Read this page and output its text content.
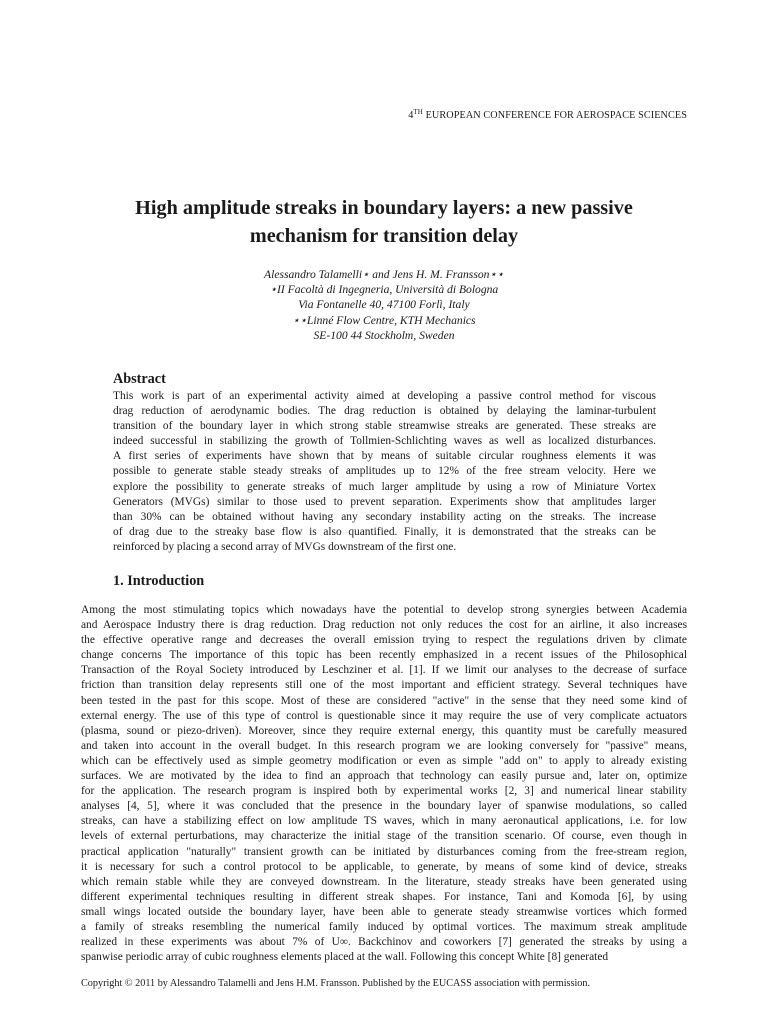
4TH EUROPEAN CONFERENCE FOR AEROSPACE SCIENCES
High amplitude streaks in boundary layers: a new passive
mechanism for transition delay
Alessandro Talamelli⋆ and Jens H. M. Fransson⋆⋆
⋆II Facoltà di Ingegneria, Università di Bologna
Via Fontanelle 40, 47100 Forlì, Italy
⋆⋆Linné Flow Centre, KTH Mechanics
SE-100 44 Stockholm, Sweden
Abstract

This work is part of an experimental activity aimed at developing a passive control method for viscous
drag reduction of aerodynamic bodies. The drag reduction is obtained by delaying the laminar-turbulent
transition of the boundary layer in which strong stable streamwise streaks are generated. These streaks are
indeed successful in stabilizing the growth of Tollmien-Schlichting waves as well as localized disturbances.
A first series of experiments have shown that by means of suitable circular roughness elements it was
possible to generate stable steady streaks of amplitudes up to 12% of the free stream velocity. Here we
explore the possibility to generate streaks of much larger amplitude by using a row of Miniature Vortex
Generators (MVGs) similar to those used to prevent separation. Experiments show that amplitudes larger
than 30% can be obtained without having any secondary instability acting on the streaks. The increase
of drag due to the streaky base flow is also quantified. Finally, it is demonstrated that the streaks can be
reinforced by placing a second array of MVGs downstream of the first one.

1. Introduction

Among the most stimulating topics which nowadays have the potential to develop strong synergies between Academia
and Aerospace Industry there is drag reduction. Drag reduction not only reduces the cost for an airline, it also increases
the effective operative range and decreases the overall emission trying to respect the regulations driven by climate
change concerns The importance of this topic has been recently emphasized in a recent issues of the Philosophical
Transaction of the Royal Society introduced by Leschziner et al. [1]. If we limit our analyses to the decrease of surface
friction than transition delay represents still one of the most important and efficient strategy. Several techniques have
been tested in the past for this scope. Most of these are considered "active" in the sense that they need some kind of
external energy. The use of this type of control is questionable since it may require the use of very complicate actuators
(plasma, sound or piezo-driven). Moreover, since they require external energy, this quantity must be carefully measured
and taken into account in the overall budget. In this research program we are looking conversely for "passive" means,
which can be effectively used as simple geometry modification or even as simple "add on" to apply to already existing
surfaces. We are motivated by the idea to find an approach that technology can easily pursue and, later on, optimize
for the application. The research program is inspired both by experimental works [2, 3] and numerical linear stability
analyses [4, 5], where it was concluded that the presence in the boundary layer of spanwise modulations, so called
streaks, can have a stabilizing effect on low amplitude TS waves, which in many aeronautical applications, i.e. for low
levels of external perturbations, may characterize the initial stage of the transition scenario. Of course, even though in
practical application "naturally" transient growth can be initiated by disturbances coming from the free-stream region,
it is necessary for such a control protocol to be applicable, to generate, by means of some kind of device, streaks
which remain stable while they are conveyed downstream. In the literature, steady streaks have been generated using
different experimental techniques resulting in different streak shapes. For instance, Tani and Komoda [6], by using
small wings located outside the boundary layer, have been able to generate steady streamwise vortices which formed
a family of streaks resembling the numerical family induced by optimal vortices. The maximum streak amplitude
realized in these experiments was about 7% of U∞. Backchinov and coworkers [7] generated the streaks by using a
spanwise periodic array of cubic roughness elements placed at the wall. Following this concept White [8] generated

Copyright © 2011 by Alessandro Talamelli and Jens H.M. Fransson. Published by the EUCASS association with permission.
